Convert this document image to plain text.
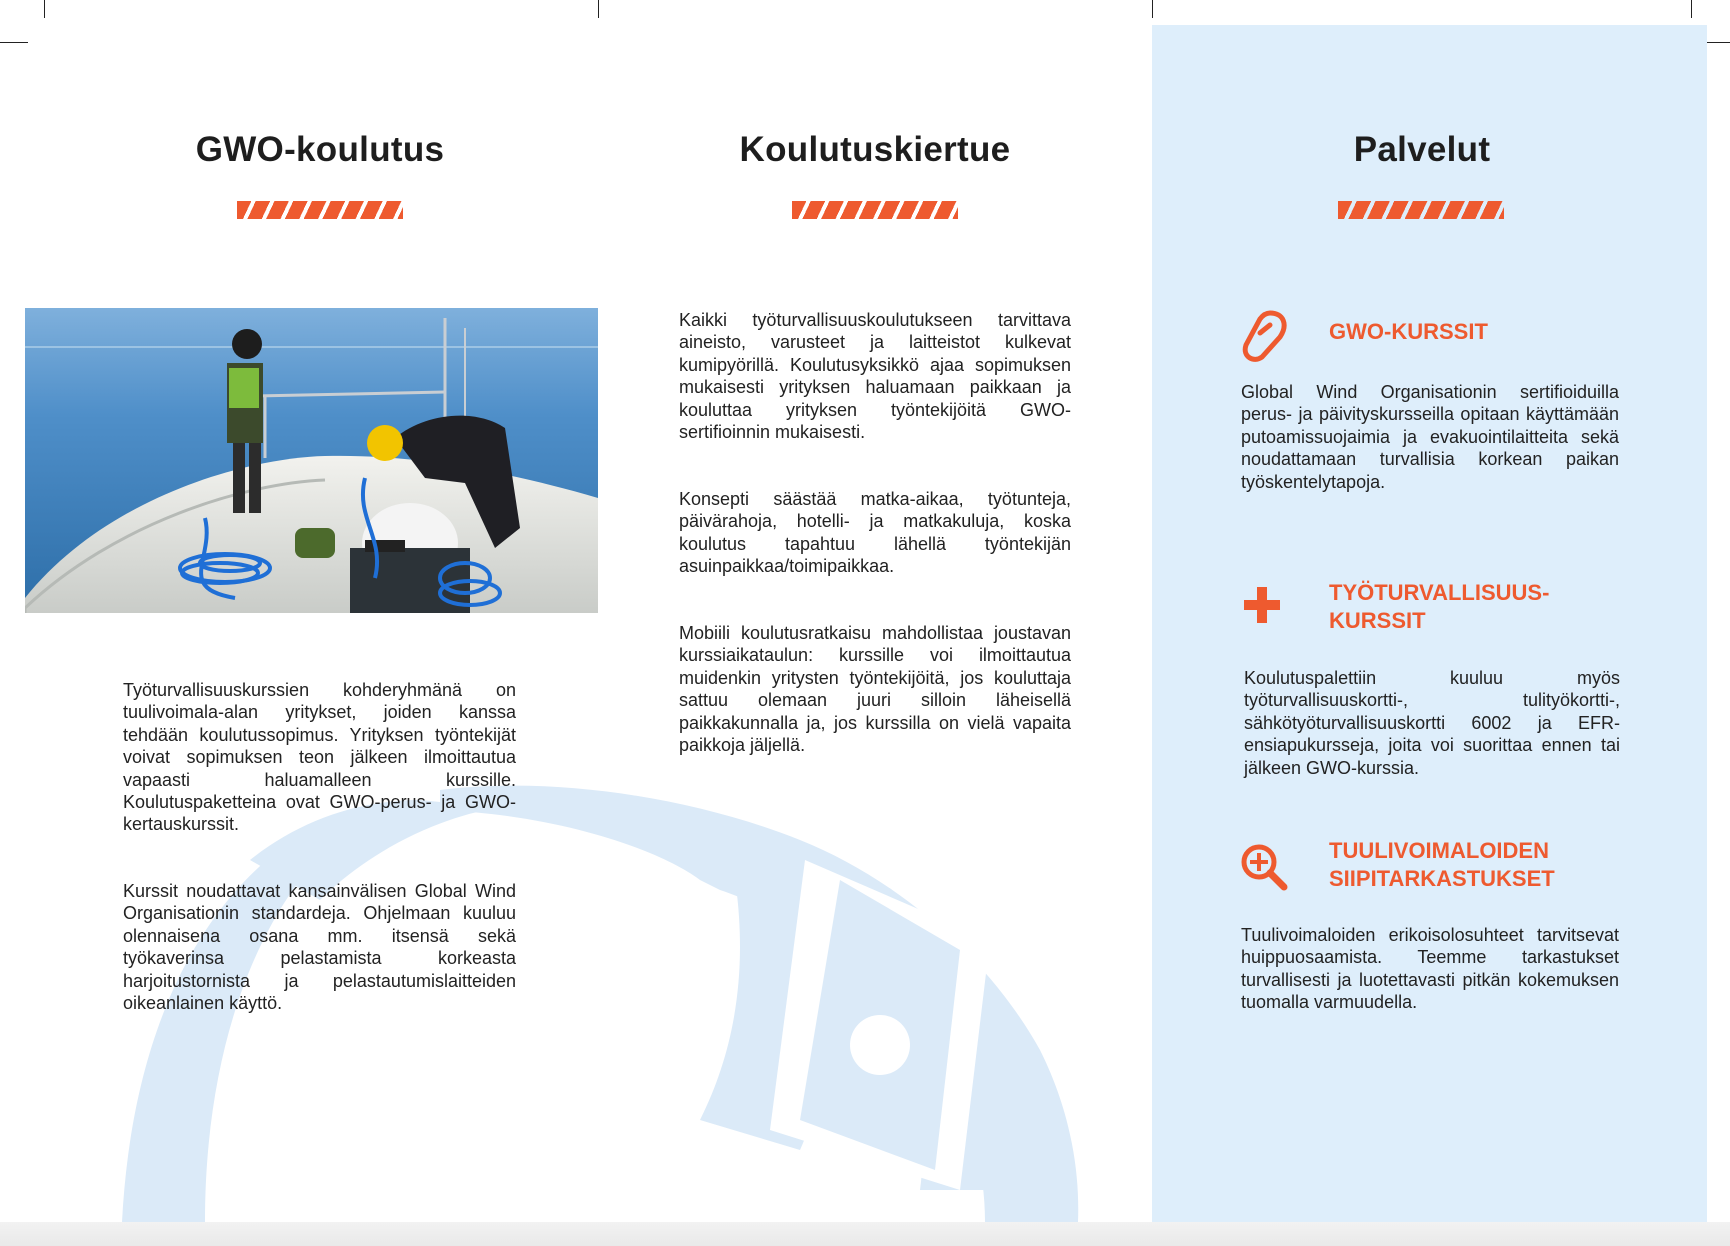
GWO-koulutus

Työturvallisuuskurssien kohderyhmänä on tuulivoimala-alan yritykset, joiden kanssa tehdään koulutussopimus. Yrityksen työntekijät voivat sopimuksen teon jälkeen ilmoittautua vapaasti haluamalleen kurssille. Koulutuspaketteina ovat GWO-perus- ja GWO-kertauskurssit.

Kurssit noudattavat kansainvälisen Global Wind Organisationin standardeja. Ohjelmaan kuuluu olennaisena osana mm. itsensä sekä työkaverinsa pelastamista korkeasta harjoitustornista ja pelastautumislaitteiden oikeanlainen käyttö.

Koulutuskiertue

Kaikki työturvallisuuskoulutukseen tarvittava aineisto, varusteet ja laitteistot kulkevat kumipyörillä. Koulutusyksikkö ajaa sopimuksen mukaisesti yrityksen haluamaan paikkaan ja kouluttaa yrityksen työntekijöitä GWO-sertifioinnin mukaisesti.

Konsepti säästää matka-aikaa, työtunteja, päivärahoja, hotelli- ja matkakuluja, koska koulutus tapahtuu lähellä työntekijän asuinpaikkaa/toimipaikkaa.

Mobiili koulutusratkaisu mahdollistaa joustavan kurssiaikataulun: kurssille voi ilmoittautua muidenkin yritysten työntekijöitä, jos kouluttaja sattuu olemaan juuri silloin läheisellä paikkakunnalla ja, jos kurssilla on vielä vapaita paikkoja jäljellä.

Palvelut
GWO-KURSSIT

Global Wind Organisationin sertifioiduilla perus- ja päivityskursseilla opitaan käyttämään putoamissuojaimia ja evakuointilaitteita sekä noudattamaan turvallisia korkean paikan työskentelytapoja.

TYÖTURVALLISUUS-KURSSIT

Koulutuspalettiin kuuluu myös työturvallisuuskortti-, tulityökortti-, sähkötyöturvallisuuskortti 6002 ja EFR-ensiapukursseja, joita voi suorittaa ennen tai jälkeen GWO-kurssia.

TUULIVOIMALOIDEN SIIPITARKASTUKSET

Tuulivoimaloiden erikoisolosuhteet tarvitsevat huippuosaamista. Teemme tarkastukset turvallisesti ja luotettavasti pitkän kokemuksen tuomalla varmuudella.
